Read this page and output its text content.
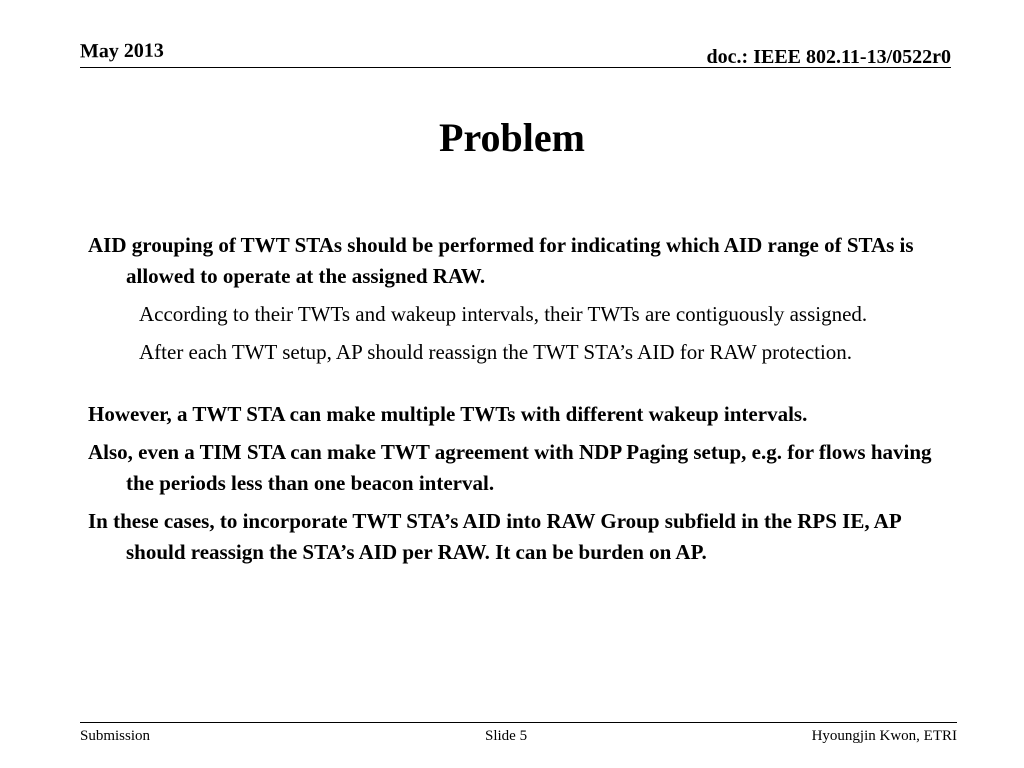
May 2013	doc.: IEEE 802.11-13/0522r0
Problem
AID grouping of TWT STAs should be performed for indicating which AID range of STAs is allowed to operate at the assigned RAW.
According to their TWTs and wakeup intervals, their TWTs are contiguously assigned.
After each TWT setup, AP should reassign the TWT STA’s AID for RAW protection.
However, a TWT STA can make multiple TWTs with different wakeup intervals.
Also, even a TIM STA can make TWT agreement with NDP Paging setup, e.g. for flows having the periods less than one beacon interval.
In these cases, to incorporate TWT STA’s AID into RAW Group subfield in the RPS IE, AP should reassign the STA’s AID per RAW. It can be burden on AP.
Submission	Slide 5	Hyoungjin Kwon, ETRI
